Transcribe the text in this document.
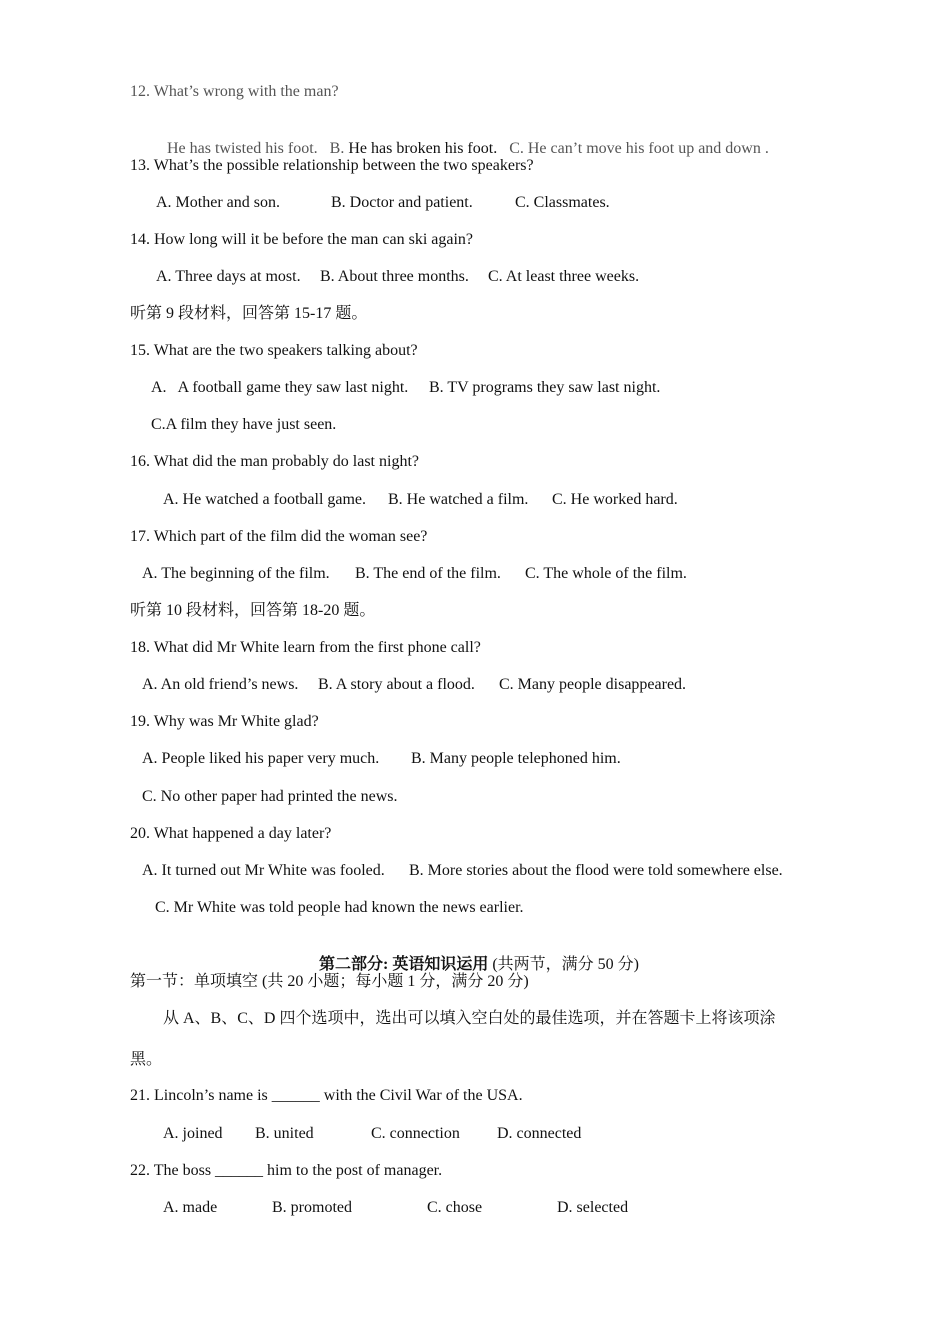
12. What’s wrong with the man?

He has twisted his foot. B. He has broken his foot. C. He can’t move his foot up and down .

13. What’s the possible relationship between the two speakers?
A. Mother and son.	B. Doctor and patient.	C. Classmates.
14. How long will it be before the man can ski again?
A. Three days at most. B. About three months. C. At least three weeks.
听第 9 段材料，回答第 15-17 题。
15. What are the two speakers talking about?
A.   A football game they saw last night. B. TV programs they saw last night.
C.A film they have just seen.
16. What did the man probably do last night?
A. He watched a football game. B. He watched a film. C. He worked hard.
17. Which part of the film did the woman see?
A. The beginning of the film. B. The end of the film. C. The whole of the film.
听第 10 段材料，回答第 18-20 题。
18. What did Mr White learn from the first phone call?
A. An old friend’s news. B. A story about a flood. C. Many people disappeared.
19. Why was Mr White glad?
A. People liked his paper very much. B. Many people telephoned him.
C. No other paper had printed the news.
20. What happened a day later?
A. It turned out Mr White was fooled. B. More stories about the flood were told somewhere else.
C. Mr White was told people had known the news earlier.

第二部分: 英语知识运用 (共两节，满分 50 分)

第一节：单项填空 (共 20 小题；每小题 1 分，满分 20 分)
从 A、B、C、D 四个选项中，选出可以填入空白处的最佳选项，并在答题卡上将该项涂
黑。
21. Lincoln’s name is ______ with the Civil War of the USA.
A. joined B. united	C. connection D. connected
22. The boss ______ him to the post of manager.
A. made	B. promoted	C. chose	D. selected
